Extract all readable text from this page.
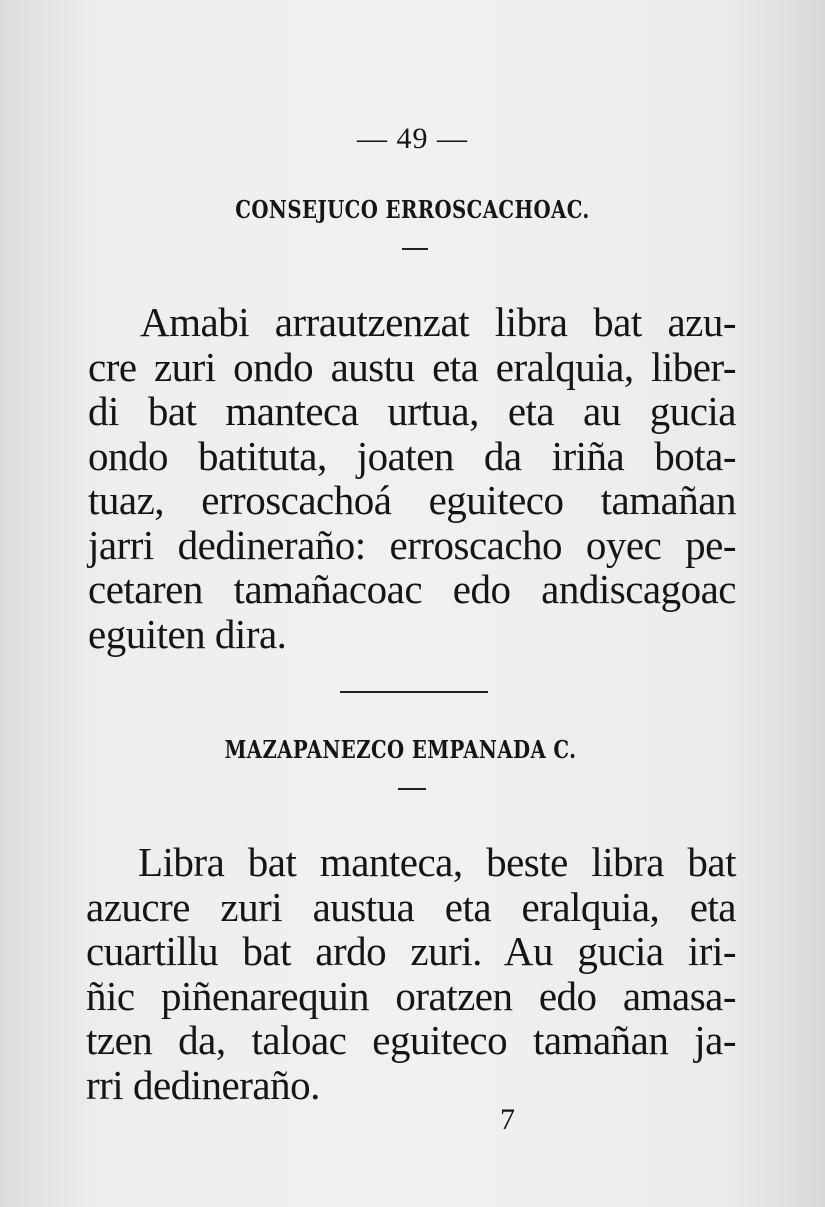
— 49 —
CONSEJUCO ERROSCACHOAC.

Amabi arrautzenzat libra bat azu-
cre zuri ondo austu eta eralquia, liber-
di bat manteca urtua, eta au gucia
ondo batituta, joaten da iriña bota-
tuaz, erroscachoá eguiteco tamañan
jarri dedineraño: erroscacho oyec pe-
cetaren tamañacoac edo andiscagoac
eguiten dira.

MAZAPANEZCO EMPANADA C.

Libra bat manteca, beste libra bat
azucre zuri austua eta eralquia, eta
cuartillu bat ardo zuri. Au gucia iri-
ñic piñenarequin oratzen edo amasa-
tzen da, taloac eguiteco tamañan ja-
rri dedineraño.

7
